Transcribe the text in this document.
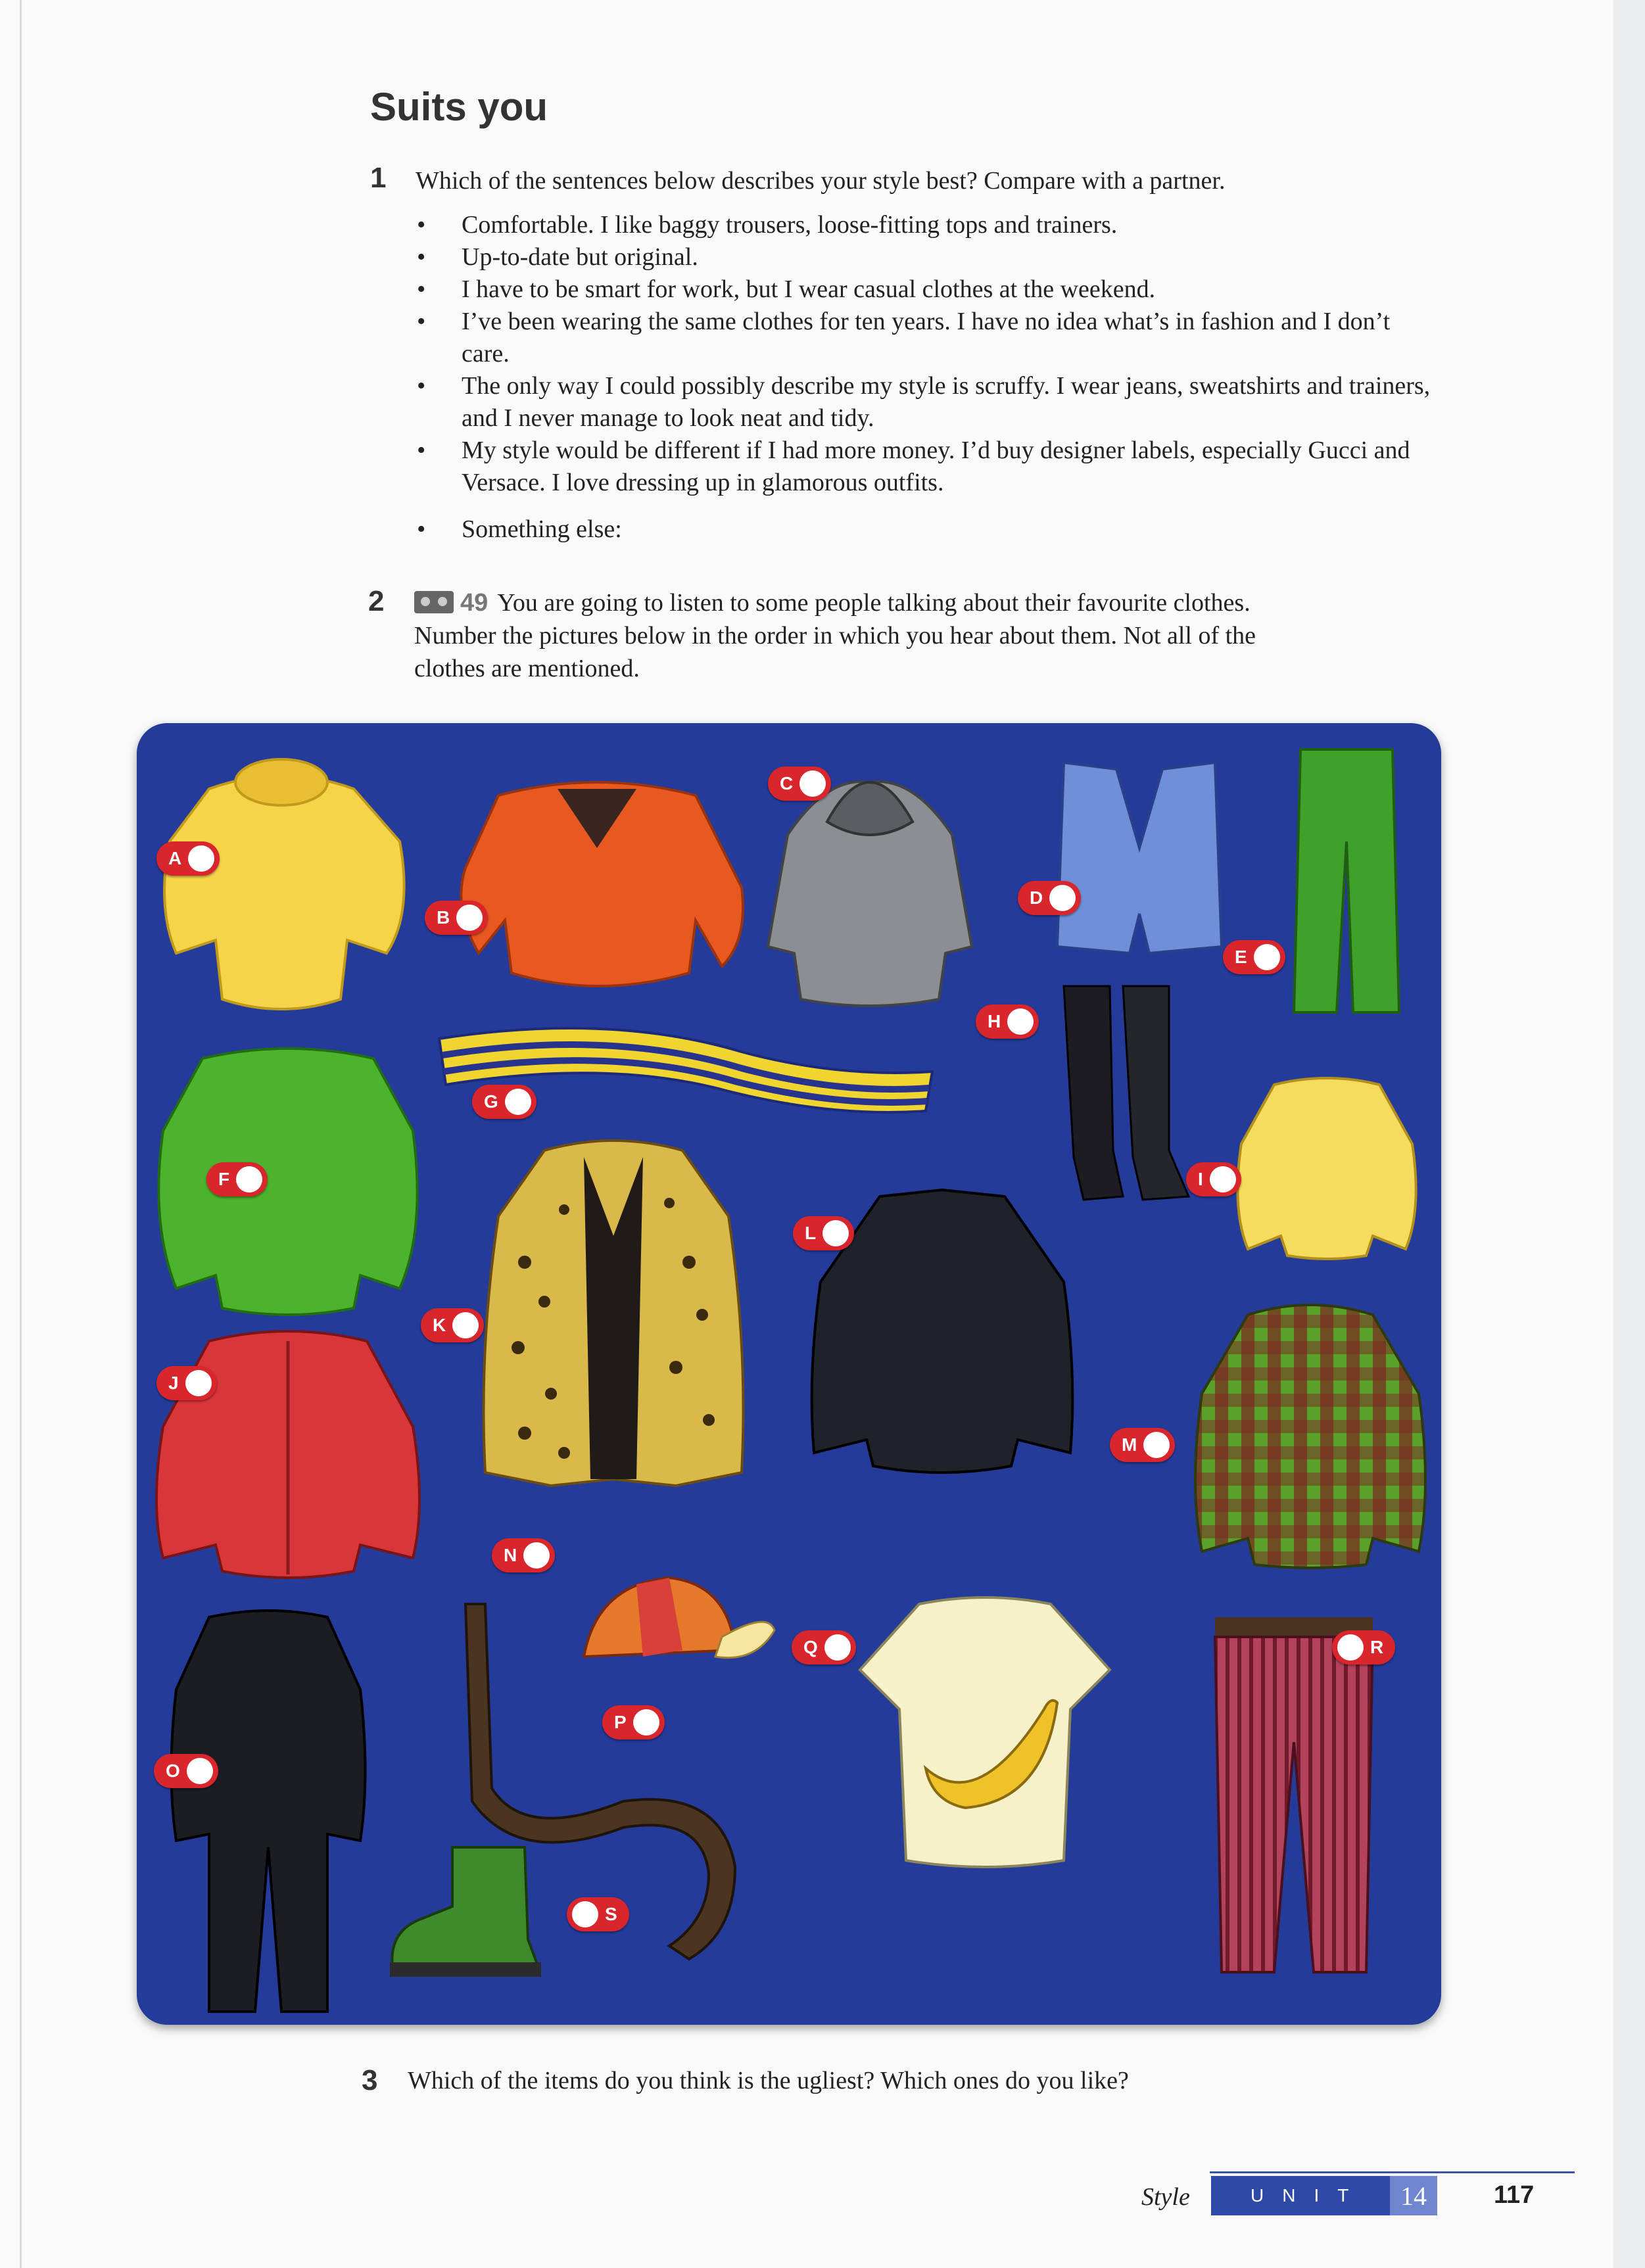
Suits you
1 Which of the sentences below describes your style best? Compare with a partner.
• Comfortable. I like baggy trousers, loose-fitting tops and trainers.
• Up-to-date but original.
• I have to be smart for work, but I wear casual clothes at the weekend.
• I’ve been wearing the same clothes for ten years. I have no idea what’s in fashion and I don’t care.
• The only way I could possibly describe my style is scruffy. I wear jeans, sweatshirts and trainers, and I never manage to look neat and tidy.
• My style would be different if I had more money. I’d buy designer labels, especially Gucci and Versace. I love dressing up in glamorous outfits.
• Something else:
2	49 You are going to listen to some people talking about their favourite clothes.
Number the pictures below in the order in which you hear about them. Not all of the
clothes are mentioned.
A
B
C
D
E
F
G
H
I
J
K
L
M
N
O
P
Q	R
S
3 Which of the items do you think is the ugliest? Which ones do you like?
Style	UNIT	14	117
